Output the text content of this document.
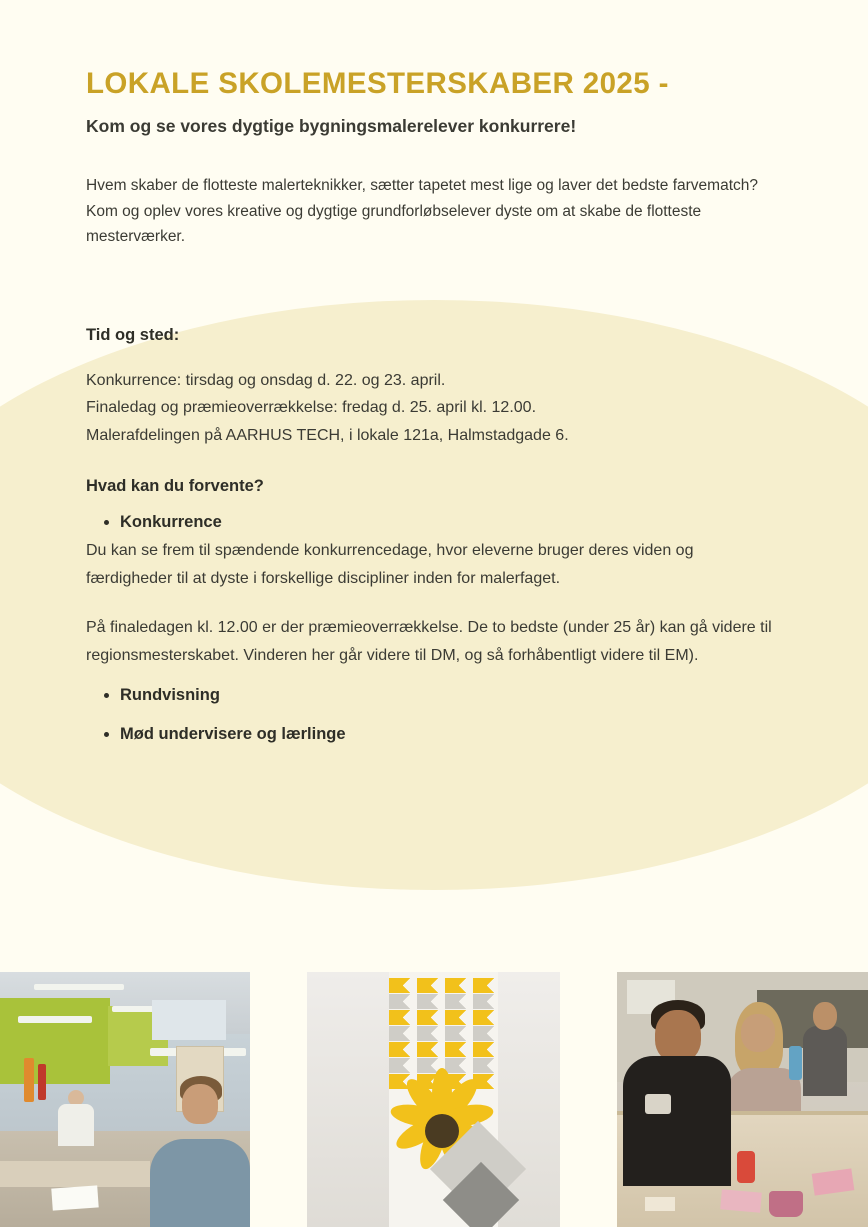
LOKALE SKOLEMESTERSKABER 2025 -

Kom og se vores dygtige bygningsmalerelever konkurrere!

Hvem skaber de flotteste malerteknikker, sætter tapetet mest lige og laver det bedste farvematch? Kom og oplev vores kreative og dygtige grundforløbselever dyste om at skabe de flotteste mesterværker.

Tid og sted:

Konkurrence: tirsdag og onsdag d. 22. og 23. april.
Finaledag og præmieoverrækkelse: fredag d. 25. april kl. 12.00.
Malerafdelingen på AARHUS TECH, i lokale 121a, Halmstadgade 6.

Hvad kan du forvente?
• Konkurrence

Du kan se frem til spændende konkurrencedage, hvor eleverne bruger deres viden og færdigheder til at dyste i forskellige discipliner inden for malerfaget.

På finaledagen kl. 12.00 er der præmieoverrækkelse. De to bedste (under 25 år) kan gå videre til regionsmesterskabet. Vinderen her går videre til DM, og så forhåbentligt videre til EM).

• Rundvisning
• Mød undervisere og lærlinge
